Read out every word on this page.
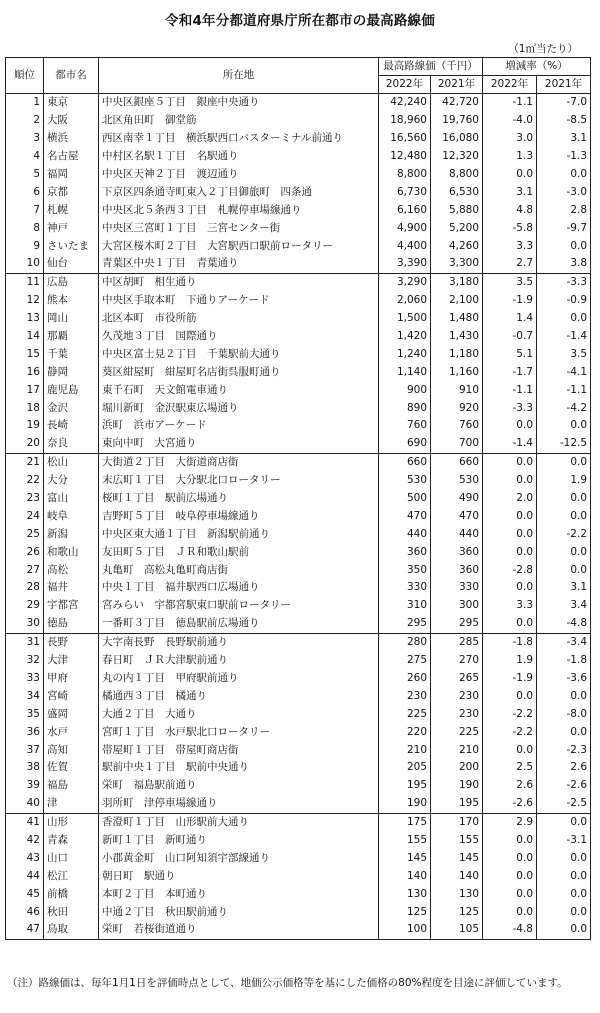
令和4年分都道府県庁所在都市の最高路線価
（1㎡当たり）
順位	都市名	所在地	最高路線価（千円）		増減率（%）	
			2022年	2021年	2022年	2021年
1	東京	中央区銀座５丁目　銀座中央通り	42,240	42,720	-1.1	-7.0
2	大阪	北区角田町　御堂筋	18,960	19,760	-4.0	-8.5
3	横浜	西区南幸１丁目　横浜駅西口バスターミナル前通り	16,560	16,080	3.0	3.1
4	名古屋	中村区名駅１丁目　名駅通り	12,480	12,320	1.3	-1.3
5	福岡	中央区天神２丁目　渡辺通り	8,800	8,800	0.0	0.0
6	京都	下京区四条通寺町東入２丁目御旅町　四条通	6,730	6,530	3.1	-3.0
7	札幌	中央区北５条西３丁目　札幌停車場線通り	6,160	5,880	4.8	2.8
8	神戸	中央区三宮町１丁目　三宮センター街	4,900	5,200	-5.8	-9.7
9	さいたま	大宮区桜木町２丁目　大宮駅西口駅前ロータリー	4,400	4,260	3.3	0.0
10	仙台	青葉区中央１丁目　青葉通り	3,390	3,300	2.7	3.8
11	広島	中区胡町　相生通り	3,290	3,180	3.5	-3.3
12	熊本	中央区手取本町　下通りアーケード	2,060	2,100	-1.9	-0.9
13	岡山	北区本町　市役所筋	1,500	1,480	1.4	0.0
14	那覇	久茂地３丁目　国際通り	1,420	1,430	-0.7	-1.4
15	千葉	中央区富士見２丁目　千葉駅前大通り	1,240	1,180	5.1	3.5
16	静岡	葵区紺屋町　紺屋町名店街呉服町通り	1,140	1,160	-1.7	-4.1
17	鹿児島	東千石町　天文館電車通り	900	910	-1.1	-1.1
18	金沢	堀川新町　金沢駅東広場通り	890	920	-3.3	-4.2
19	長崎	浜町　浜市アーケード	760	760	0.0	0.0
20	奈良	東向中町　大宮通り	690	700	-1.4	-12.5
21	松山	大街道２丁目　大街道商店街	660	660	0.0	0.0
22	大分	末広町１丁目　大分駅北口ロータリー	530	530	0.0	1.9
23	富山	桜町１丁目　駅前広場通り	500	490	2.0	0.0
24	岐阜	吉野町５丁目　岐阜停車場線通り	470	470	0.0	0.0
25	新潟	中央区東大通１丁目　新潟駅前通り	440	440	0.0	-2.2
26	和歌山	友田町５丁目　ＪＲ和歌山駅前	360	360	0.0	0.0
27	高松	丸亀町　高松丸亀町商店街	350	360	-2.8	0.0
28	福井	中央１丁目　福井駅西口広場通り	330	330	0.0	3.1
29	宇都宮	宮みらい　宇都宮駅東口駅前ロータリー	310	300	3.3	3.4
30	徳島	一番町３丁目　徳島駅前広場通り	295	295	0.0	-4.8
31	長野	大字南長野　長野駅前通り	280	285	-1.8	-3.4
32	大津	春日町　ＪＲ大津駅前通り	275	270	1.9	-1.8
33	甲府	丸の内１丁目　甲府駅前通り	260	265	-1.9	-3.6
34	宮崎	橘通西３丁目　橘通り	230	230	0.0	0.0
35	盛岡	大通２丁目　大通り	225	230	-2.2	-8.0
36	水戸	宮町１丁目　水戸駅北口ロータリー	220	225	-2.2	0.0
37	高知	帯屋町１丁目　帯屋町商店街	210	210	0.0	-2.3
38	佐賀	駅前中央１丁目　駅前中央通り	205	200	2.5	2.6
39	福島	栄町　福島駅前通り	195	190	2.6	-2.6
40	津	羽所町　津停車場線通り	190	195	-2.6	-2.5
41	山形	香澄町１丁目　山形駅前大通り	175	170	2.9	0.0
42	青森	新町１丁目　新町通り	155	155	0.0	-3.1
43	山口	小郡黄金町　山口阿知須宇部線通り	145	145	0.0	0.0
44	松江	朝日町　駅通り	140	140	0.0	0.0
45	前橋	本町２丁目　本町通り	130	130	0.0	0.0
46	秋田	中通２丁目　秋田駅前通り	125	125	0.0	0.0
47	鳥取	栄町　若桜街道通り	100	105	-4.8	0.0
（注）路線価は、毎年1月1日を評価時点として、地価公示価格等を基にした価格の80%程度を目途に評価しています。
